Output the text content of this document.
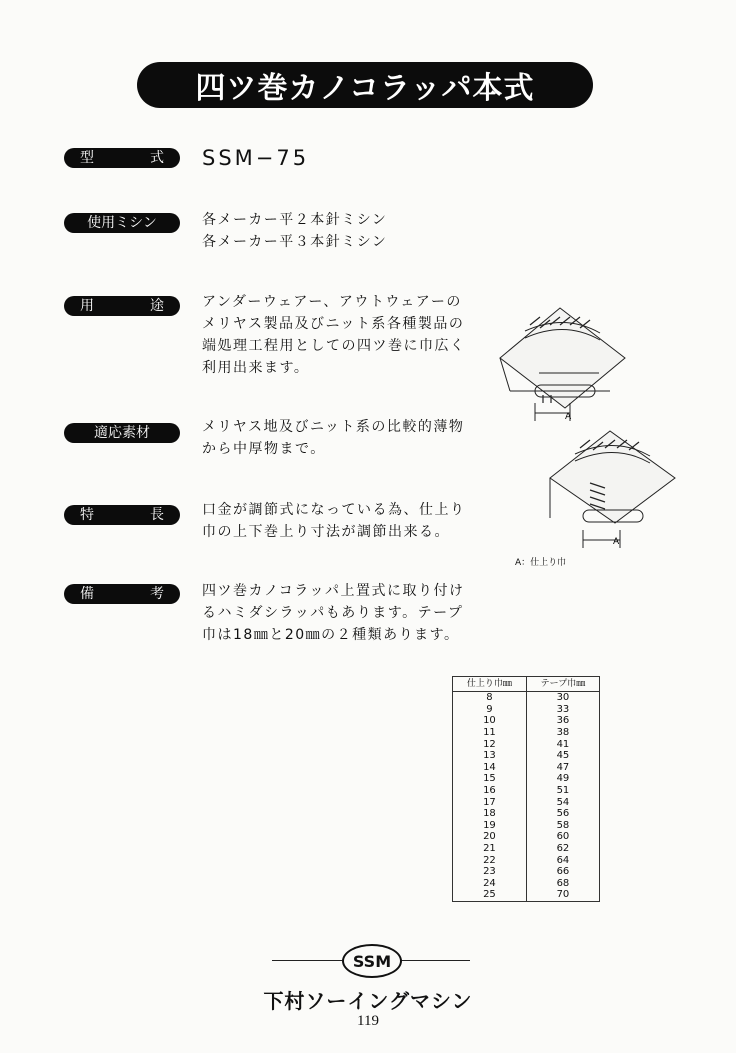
四ツ巻カノコラッパ本式
型	式 SSM−75
使用ミシン	各メーカー平２本針ミシン
各メーカー平３本針ミシン
用	途	アンダーウェアー、アウトウェアーの
メリヤス製品及びニット系各種製品の
端処理工程用としての四ツ巻に巾広く
利用出来ます。
適応素材	メリヤス地及びニット系の比較的薄物
から中厚物まで。
特	長	口金が調節式になっている為、仕上り
巾の上下巻上り寸法が調節出来る。
備	考	四ツ巻カノコラッパ上置式に取り付け
るハミダシラッパもあります。テープ
巾は18㎜と20㎜の２種類あります。
A
A
A：仕上り巾
仕上り巾㎜	テープ巾㎜
8	30
9	33
10	36
11	38
12	41
13	45
14	47
15	49
16	51
17	54
18	56
19	58
20	60
21	62
22	64
23	66
24	68
25	70
SSM
下村ソーイングマシン
119
